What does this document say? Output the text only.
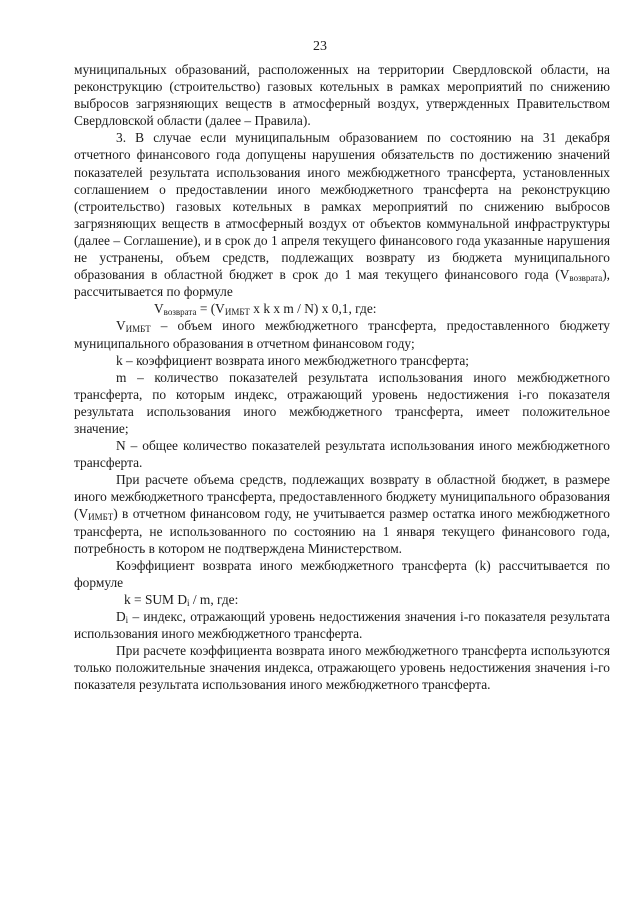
23

муниципальных образований, расположенных на территории Свердловской области, на реконструкцию (строительство) газовых котельных в рамках мероприятий по снижению выбросов загрязняющих веществ в атмосферный воздух, утвержденных Правительством Свердловской области (далее – Правила).

3. В случае если муниципальным образованием по состоянию на 31 декабря отчетного финансового года допущены нарушения обязательств по достижению значений показателей результата использования иного межбюджетного трансферта, установленных соглашением о предоставлении иного межбюджетного трансферта на реконструкцию (строительство) газовых котельных в рамках мероприятий по снижению выбросов загрязняющих веществ в атмосферный воздух от объектов коммунальной инфраструктуры (далее – Соглашение), и в срок до 1 апреля текущего финансового года указанные нарушения не устранены, объем средств, подлежащих возврату из бюджета муниципального образования в областной бюджет в срок до 1 мая текущего финансового года $(V_{возврата})$, рассчитывается по формуле

$V_{возврата} = (V_{ИМБТ}$ x k x m / N) x 0,1, где:

$V_{ИМБТ}$ – объем иного межбюджетного трансферта, предоставленного бюджету муниципального образования в отчетном финансовом году;

k – коэффициент возврата иного межбюджетного трансферта;

m – количество показателей результата использования иного межбюджетного трансферта, по которым индекс, отражающий уровень недостижения i-го показателя результата использования иного межбюджетного трансферта, имеет положительное значение;

N – общее количество показателей результата использования иного межбюджетного трансферта.

При расчете объема средств, подлежащих возврату в областной бюджет, в размере иного межбюджетного трансферта, предоставленного бюджету муниципального образования $(V_{ИМБТ})$ в отчетном финансовом году, не учитывается размер остатка иного межбюджетного трансферта, не использованного по состоянию на 1 января текущего финансового года, потребность в котором не подтверждена Министерством.

Коэффициент возврата иного межбюджетного трансферта (k) рассчитывается по формуле

k = SUM $D_i$ / m, где:

$D_i$ – индекс, отражающий уровень недостижения значения i-го показателя результата использования иного межбюджетного трансферта.

При расчете коэффициента возврата иного межбюджетного трансферта используются только положительные значения индекса, отражающего уровень недостижения значения i-го показателя результата использования иного межбюджетного трансферта.
